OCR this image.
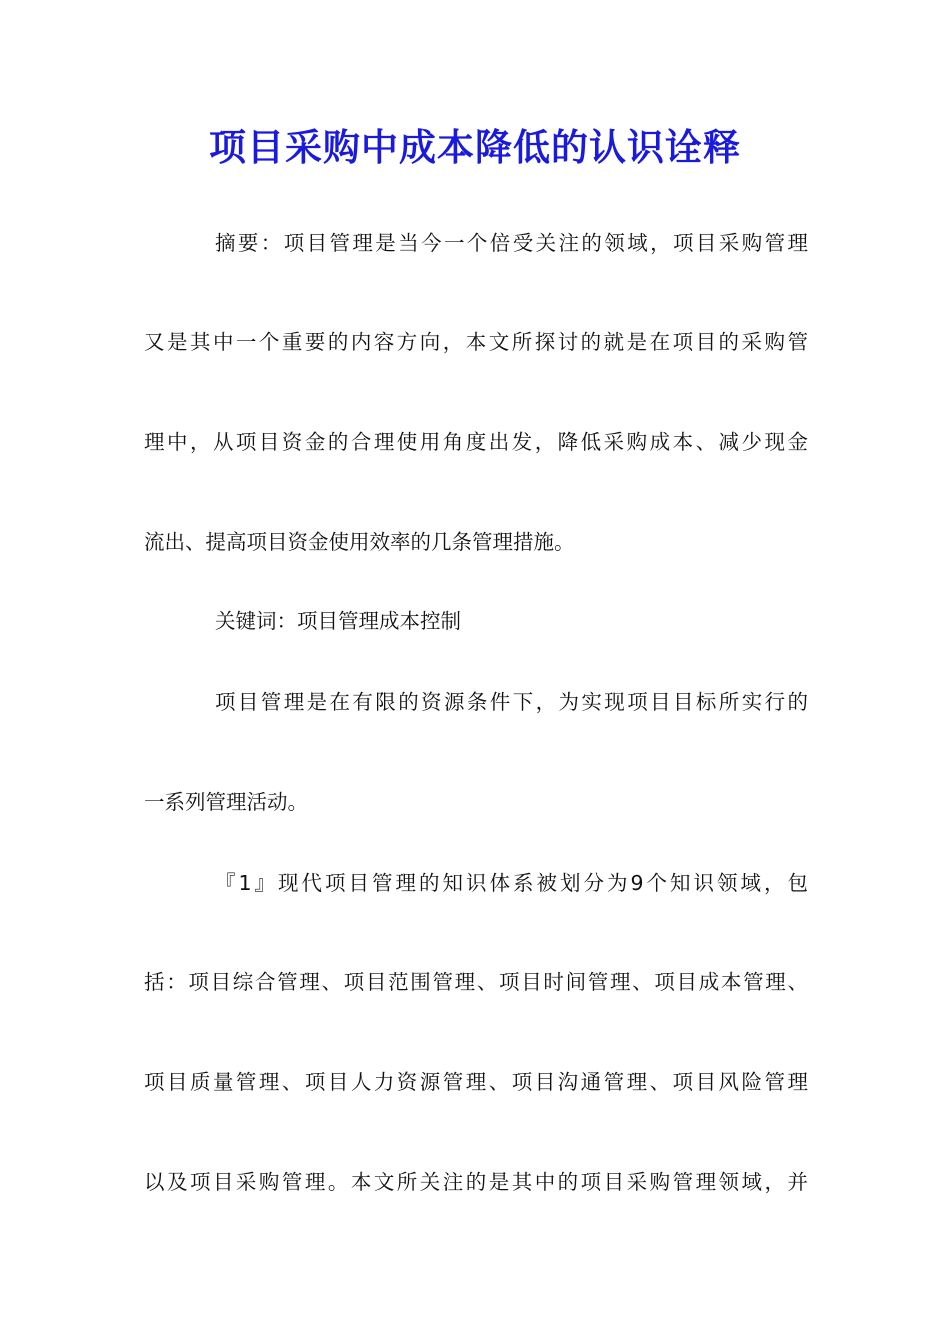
项目采购中成本降低的认识诠释
摘要：项目管理是当今一个倍受关注的领域，项目采购管理
又是其中一个重要的内容方向，本文所探讨的就是在项目的采购管
理中，从项目资金的合理使用角度出发，降低采购成本、减少现金
流出、提高项目资金使用效率的几条管理措施。
关键词：项目管理成本控制
项目管理是在有限的资源条件下，为实现项目目标所实行的
一系列管理活动。
『1』现代项目管理的知识体系被划分为9个知识领域，包
括：项目综合管理、项目范围管理、项目时间管理、项目成本管理、
项目质量管理、项目人力资源管理、项目沟通管理、项目风险管理
以及项目采购管理。本文所关注的是其中的项目采购管理领域，并
